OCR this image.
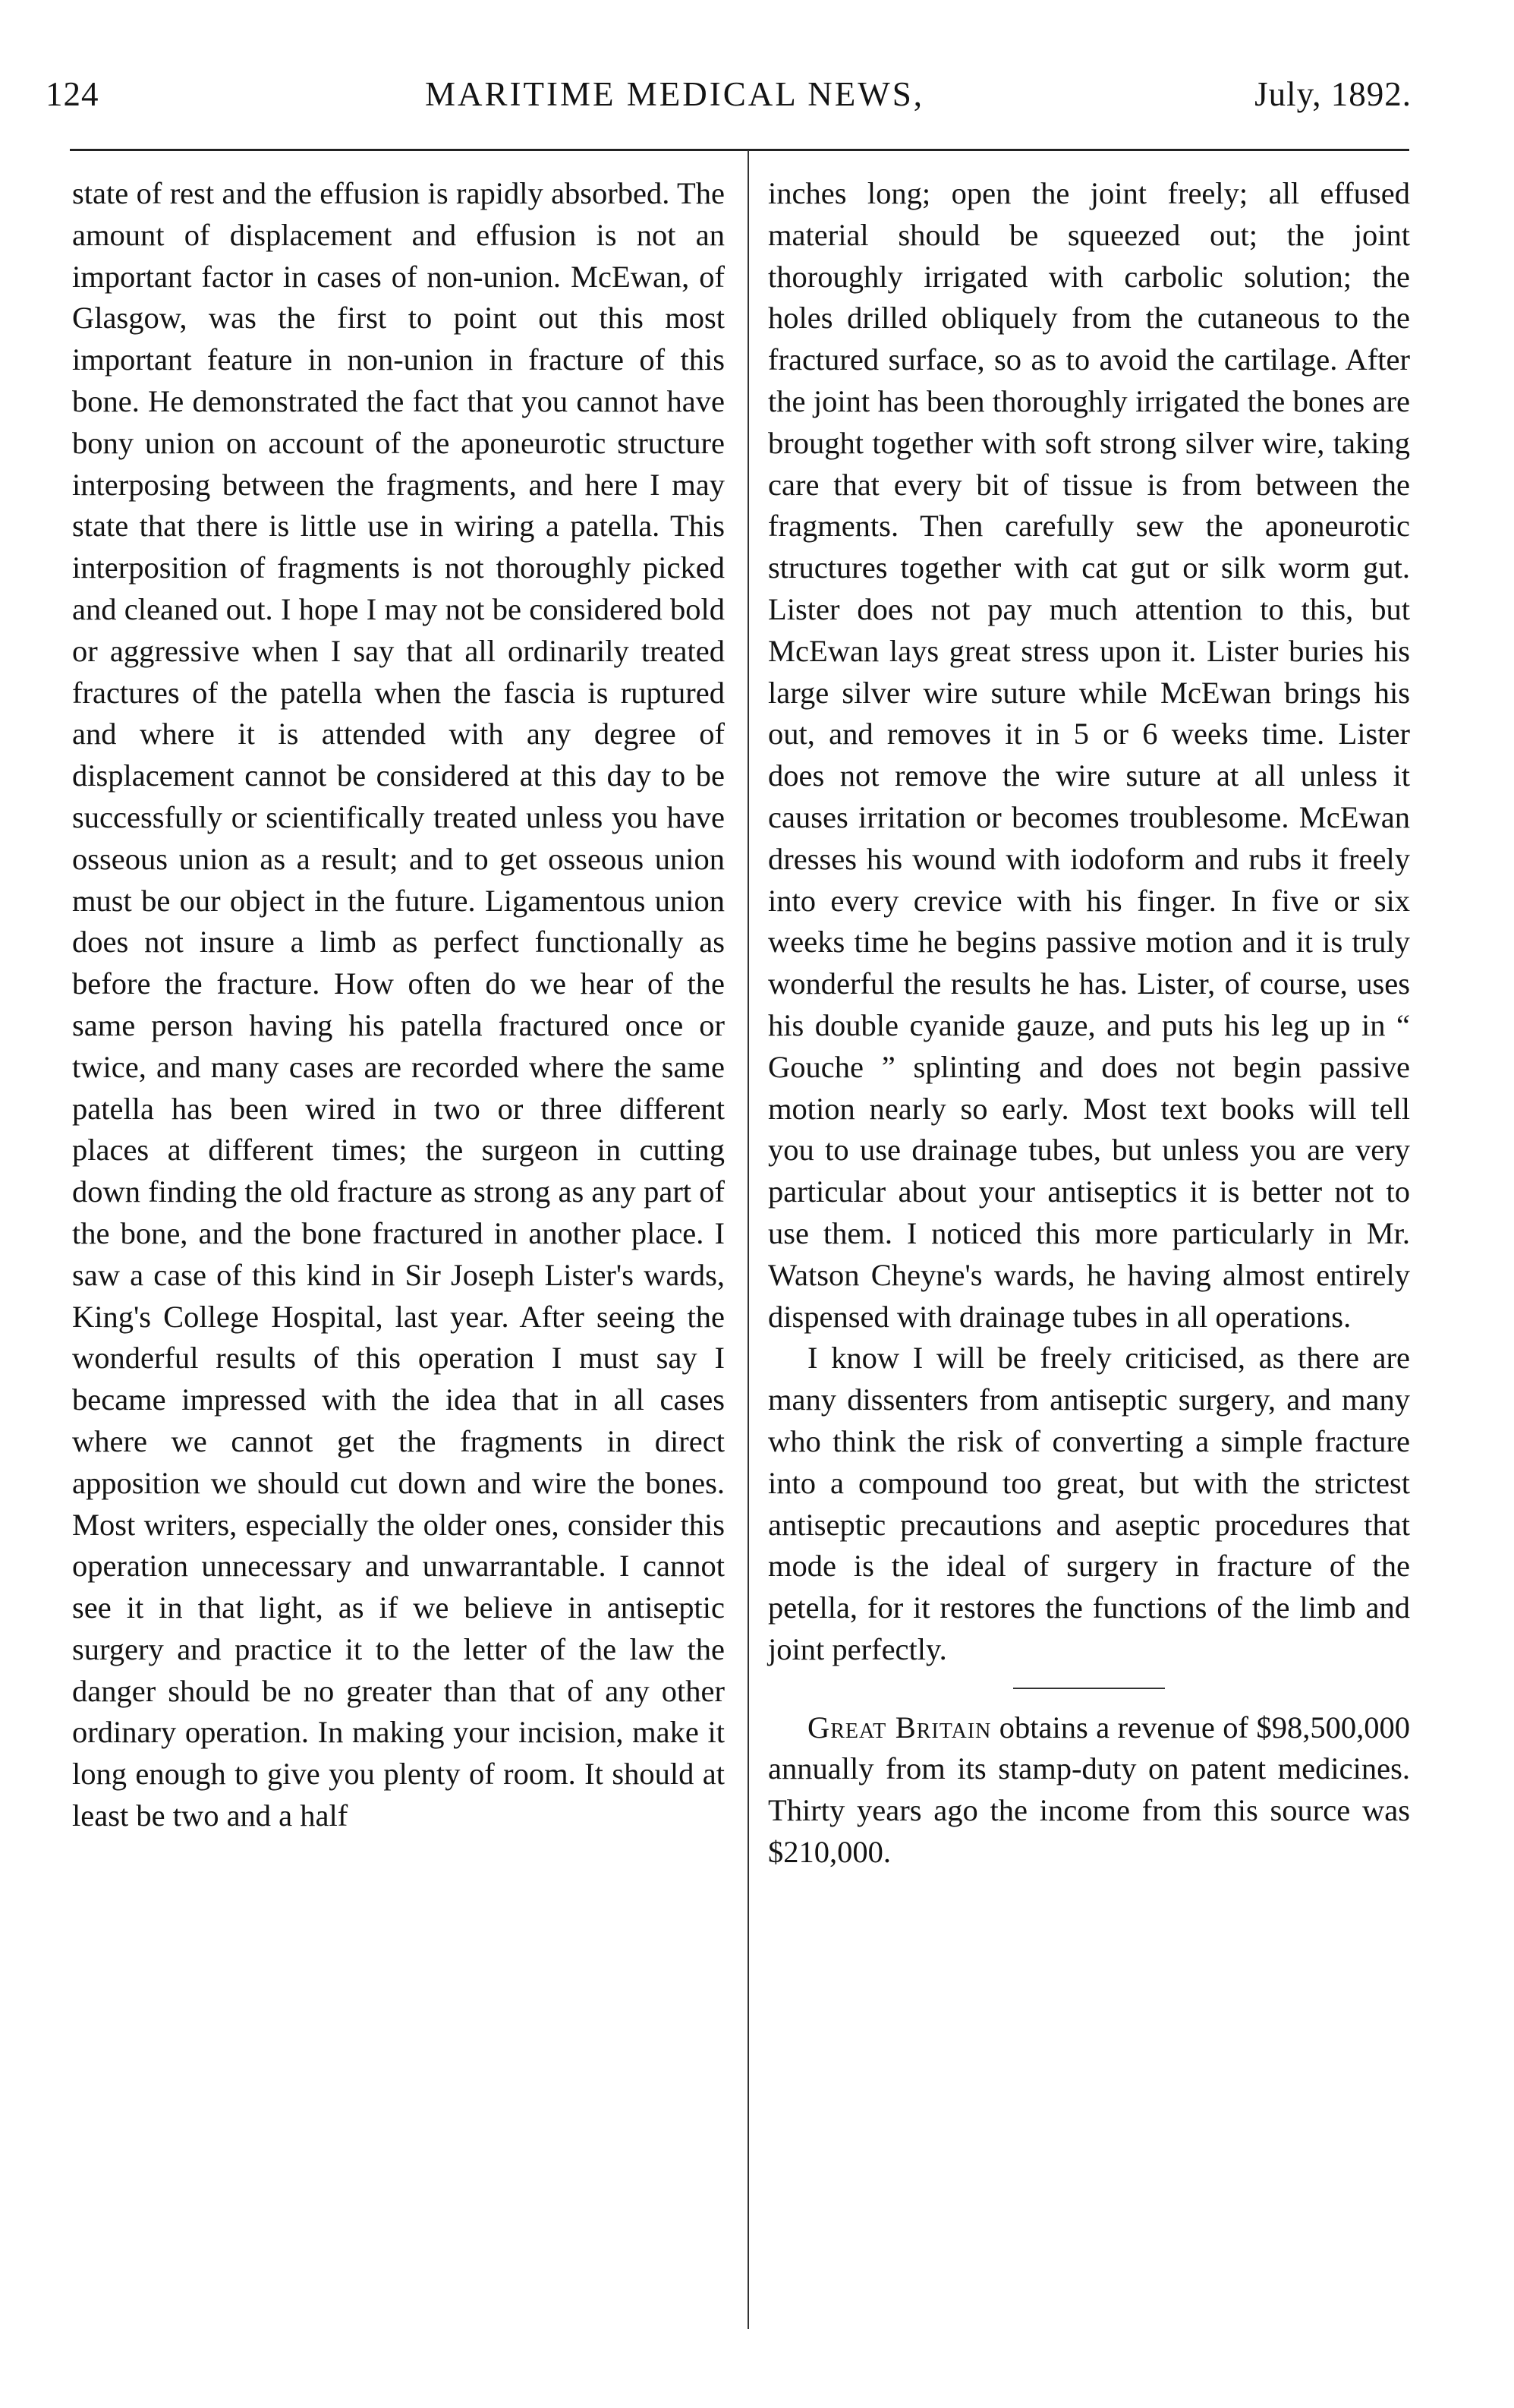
124	MARITIME MEDICAL NEWS,	July, 1892.

state of rest and the effusion is rapidly absorbed. The amount of displacement and effusion is not an important factor in cases of non-union. McEwan, of Glasgow, was the first to point out this most important feature in non-union in fracture of this bone. He demonstrated the fact that you cannot have bony union on account of the aponeurotic structure interposing between the fragments, and here I may state that there is little use in wiring a patella. This interposition of fragments is not thoroughly picked and cleaned out. I hope I may not be considered bold or aggressive when I say that all ordinarily treated fractures of the patella when the fascia is ruptured and where it is attended with any degree of displacement cannot be considered at this day to be successfully or scientifically treated unless you have osseous union as a result; and to get osseous union must be our object in the future. Ligamentous union does not insure a limb as perfect functionally as before the fracture. How often do we hear of the same person having his patella fractured once or twice, and many cases are recorded where the same patella has been wired in two or three different places at different times; the surgeon in cutting down finding the old fracture as strong as any part of the bone, and the bone fractured in another place. I saw a case of this kind in Sir Joseph Lister's wards, King's College Hospital, last year. After seeing the wonderful results of this operation I must say I became impressed with the idea that in all cases where we cannot get the fragments in direct apposition we should cut down and wire the bones. Most writers, especially the older ones, consider this operation unnecessary and unwarrantable. I cannot see it in that light, as if we believe in antiseptic surgery and practice it to the letter of the law the danger should be no greater than that of any other ordinary operation. In making your incision, make it long enough to give you plenty of room. It should at least be two and a half

inches long; open the joint freely; all effused material should be squeezed out; the joint thoroughly irrigated with carbolic solution; the holes drilled obliquely from the cutaneous to the fractured surface, so as to avoid the cartilage. After the joint has been thoroughly irrigated the bones are brought together with soft strong silver wire, taking care that every bit of tissue is from between the fragments. Then carefully sew the aponeurotic structures together with cat gut or silk worm gut. Lister does not pay much attention to this, but McEwan lays great stress upon it. Lister buries his large silver wire suture while McEwan brings his out, and removes it in 5 or 6 weeks time. Lister does not remove the wire suture at all unless it causes irritation or becomes troublesome. McEwan dresses his wound with iodoform and rubs it freely into every crevice with his finger. In five or six weeks time he begins passive motion and it is truly wonderful the results he has. Lister, of course, uses his double cyanide gauze, and puts his leg up in “ Gouche ” splinting and does not begin passive motion nearly so early. Most text books will tell you to use drainage tubes, but unless you are very particular about your antiseptics it is better not to use them. I noticed this more particularly in Mr. Watson Cheyne's wards, he having almost entirely dispensed with drainage tubes in all operations.

I know I will be freely criticised, as there are many dissenters from antiseptic surgery, and many who think the risk of converting a simple fracture into a compound too great, but with the strictest antiseptic precautions and aseptic procedures that mode is the ideal of surgery in fracture of the petella, for it restores the functions of the limb and joint perfectly.

Great Britain obtains a revenue of $98,500,000 annually from its stamp-duty on patent medicines. Thirty years ago the income from this source was $210,000.
